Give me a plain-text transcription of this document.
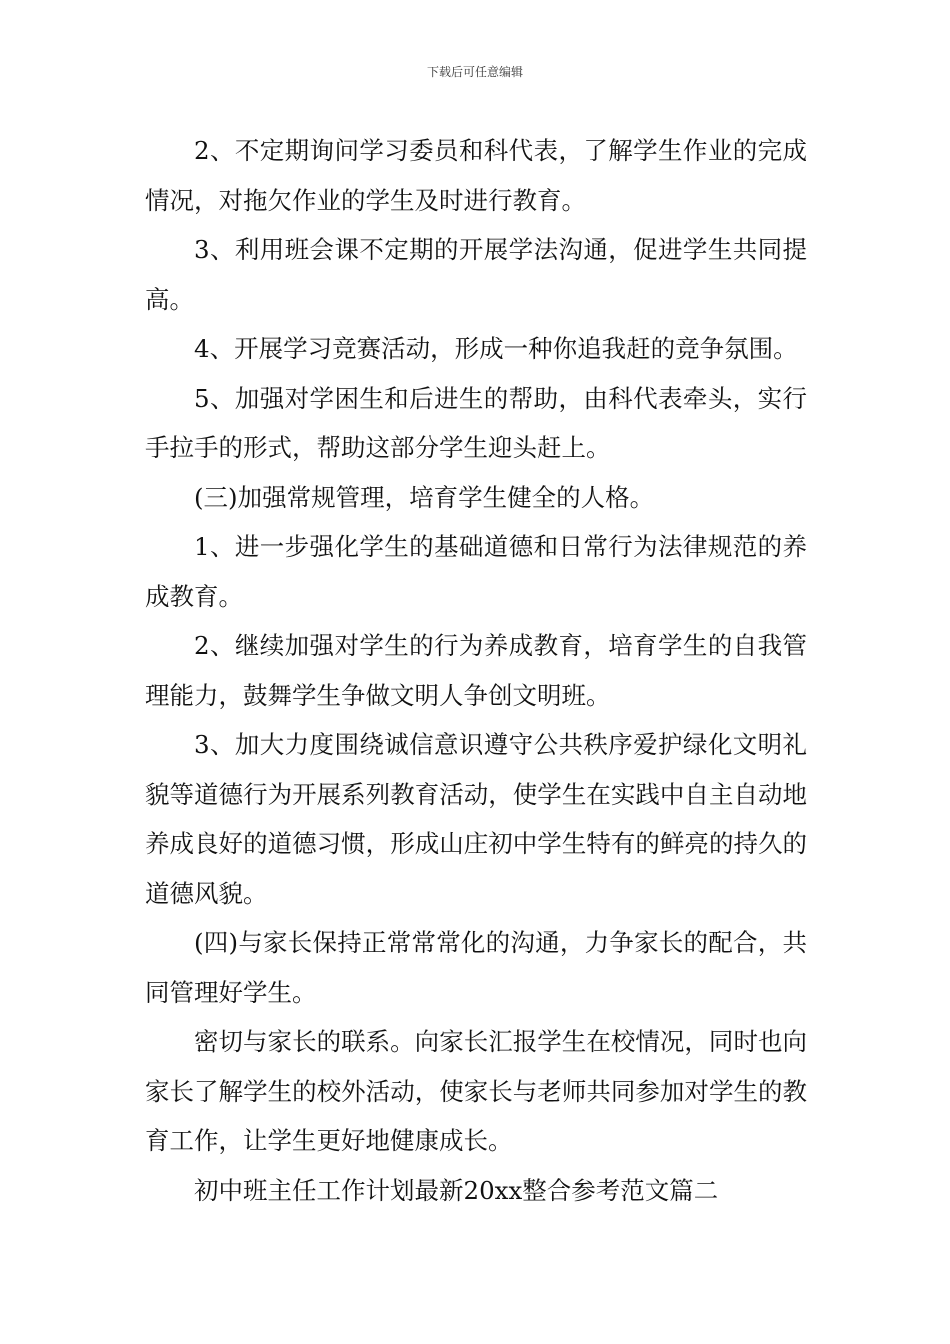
下载后可任意编辑

2、不定期询问学习委员和科代表，了解学生作业的完成情况，对拖欠作业的学生及时进行教育。

3、利用班会课不定期的开展学法沟通，促进学生共同提高。

4、开展学习竞赛活动，形成一种你追我赶的竞争氛围。

5、加强对学困生和后进生的帮助，由科代表牵头，实行手拉手的形式，帮助这部分学生迎头赶上。

(三)加强常规管理，培育学生健全的人格。

1、进一步强化学生的基础道德和日常行为法律规范的养成教育。

2、继续加强对学生的行为养成教育，培育学生的自我管理能力，鼓舞学生争做文明人争创文明班。

3、加大力度围绕诚信意识遵守公共秩序爱护绿化文明礼貌等道德行为开展系列教育活动，使学生在实践中自主自动地养成良好的道德习惯，形成山庄初中学生特有的鲜亮的持久的道德风貌。

(四)与家长保持正常常常化的沟通，力争家长的配合，共同管理好学生。

密切与家长的联系。向家长汇报学生在校情况，同时也向家长了解学生的校外活动，使家长与老师共同参加对学生的教育工作，让学生更好地健康成长。

初中班主任工作计划最新20xx整合参考范文篇二
